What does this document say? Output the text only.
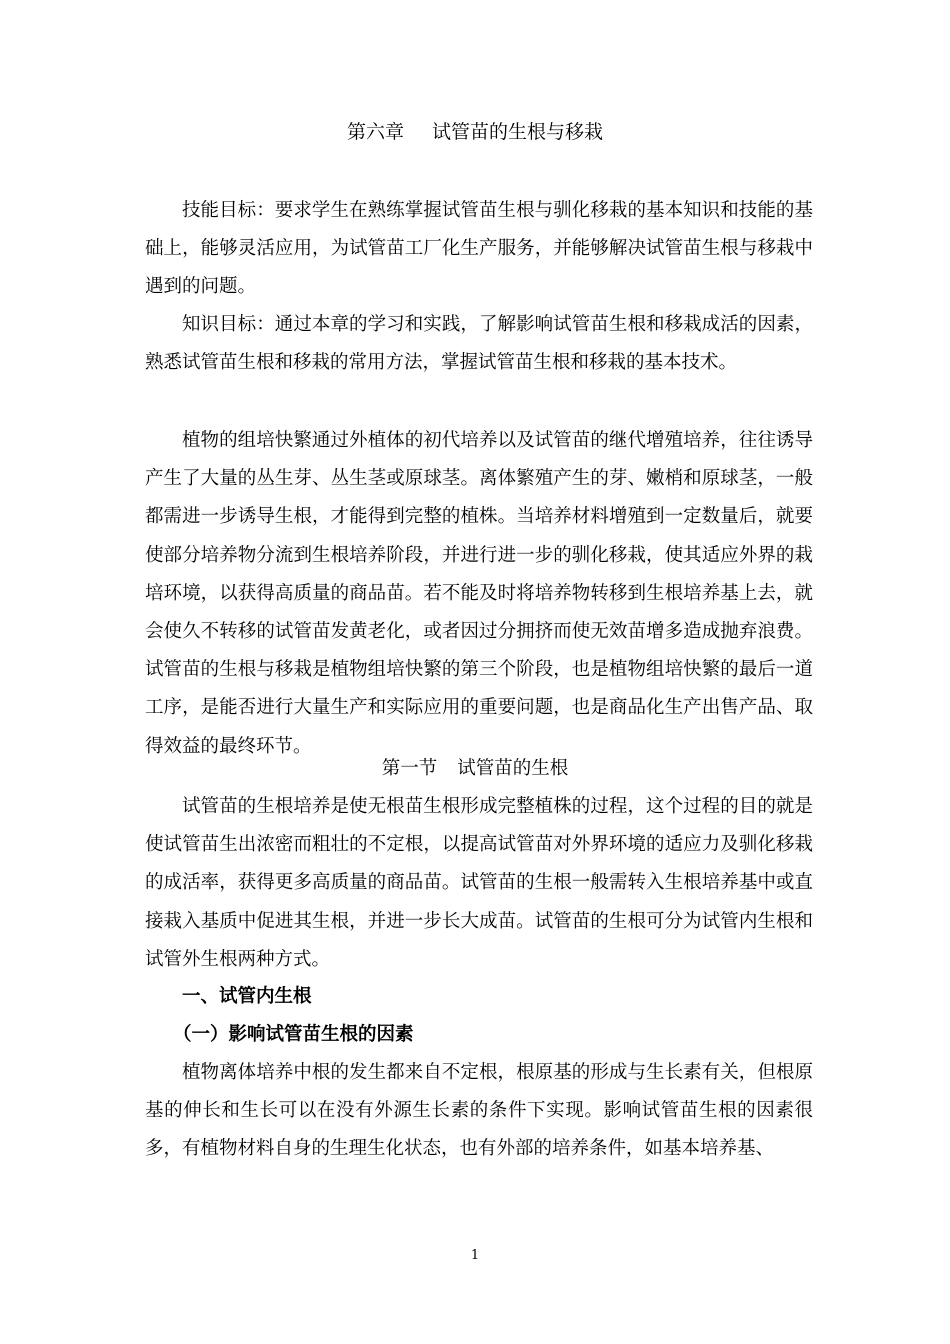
第六章 试管苗的生根与移栽

技能目标：要求学生在熟练掌握试管苗生根与驯化移栽的基本知识和技能的基础上，能够灵活应用，为试管苗工厂化生产服务，并能够解决试管苗生根与移栽中遇到的问题。

知识目标：通过本章的学习和实践，了解影响试管苗生根和移栽成活的因素，熟悉试管苗生根和移栽的常用方法，掌握试管苗生根和移栽的基本技术。

植物的组培快繁通过外植体的初代培养以及试管苗的继代增殖培养，往往诱导产生了大量的丛生芽、丛生茎或原球茎。离体繁殖产生的芽、嫩梢和原球茎，一般都需进一步诱导生根，才能得到完整的植株。当培养材料增殖到一定数量后，就要使部分培养物分流到生根培养阶段，并进行进一步的驯化移栽，使其适应外界的栽培环境，以获得高质量的商品苗。若不能及时将培养物转移到生根培养基上去，就会使久不转移的试管苗发黄老化，或者因过分拥挤而使无效苗增多造成抛弃浪费。试管苗的生根与移栽是植物组培快繁的第三个阶段，也是植物组培快繁的最后一道工序，是能否进行大量生产和实际应用的重要问题，也是商品化生产出售产品、取得效益的最终环节。

第一节 试管苗的生根

试管苗的生根培养是使无根苗生根形成完整植株的过程，这个过程的目的就是使试管苗生出浓密而粗壮的不定根，以提高试管苗对外界环境的适应力及驯化移栽的成活率，获得更多高质量的商品苗。试管苗的生根一般需转入生根培养基中或直接栽入基质中促进其生根，并进一步长大成苗。试管苗的生根可分为试管内生根和试管外生根两种方式。

一、试管内生根
（一）影响试管苗生根的因素

植物离体培养中根的发生都来自不定根，根原基的形成与生长素有关，但根原基的伸长和生长可以在没有外源生长素的条件下实现。影响试管苗生根的因素很多，有植物材料自身的生理生化状态，也有外部的培养条件，如基本培养基、

1
